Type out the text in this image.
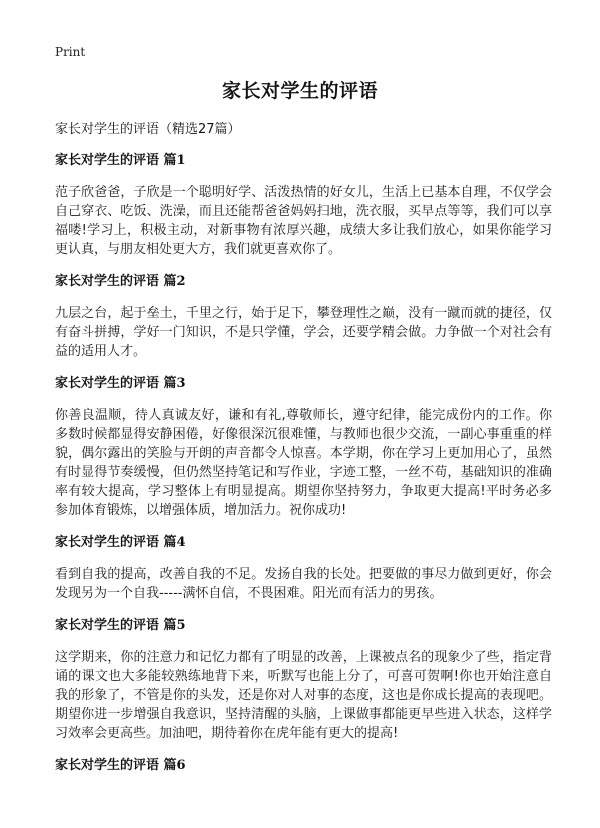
Print
家长对学生的评语

家长对学生的评语（精选27篇）

家长对学生的评语 篇1

范子欣爸爸，子欣是一个聪明好学、活泼热情的好女儿，生活上已基本自理，不仅学会自己穿衣、吃饭、洗澡，而且还能帮爸爸妈妈扫地，洗衣服，买早点等等，我们可以享福喽!学习上，积极主动，对新事物有浓厚兴趣，成绩大多让我们放心，如果你能学习更认真，与朋友相处更大方，我们就更喜欢你了。

家长对学生的评语 篇2

九层之台，起于垒土，千里之行，始于足下，攀登理性之巅，没有一蹴而就的捷径，仅有奋斗拼搏，学好一门知识，不是只学懂，学会，还要学精会做。力争做一个对社会有益的适用人才。

家长对学生的评语 篇3

你善良温顺，待人真诚友好，谦和有礼,尊敬师长，遵守纪律，能完成份内的工作。你多数时候都显得安静困倦，好像很深沉很难懂，与教师也很少交流，一副心事重重的样貌，偶尔露出的笑脸与开朗的声音都令人惊喜。本学期，你在学习上更加用心了，虽然有时显得节奏缓慢，但仍然坚持笔记和写作业，字迹工整，一丝不苟，基础知识的准确率有较大提高，学习整体上有明显提高。期望你坚持努力，争取更大提高!平时务必多参加体育锻炼，以增强体质，增加活力。祝你成功!

家长对学生的评语 篇4

看到自我的提高，改善自我的不足。发扬自我的长处。把要做的事尽力做到更好，你会发现另为一个自我-----满怀自信，不畏困难。阳光而有活力的男孩。

家长对学生的评语 篇5

这学期来，你的注意力和记忆力都有了明显的改善，上课被点名的现象少了些，指定背诵的课文也大多能较熟练地背下来，听默写也能上分了，可喜可贺啊!你也开始注意自我的形象了，不管是你的头发，还是你对人对事的态度，这也是你成长提高的表现吧。期望你进一步增强自我意识，坚持清醒的头脑，上课做事都能更早些进入状态，这样学习效率会更高些。加油吧，期待着你在虎年能有更大的提高!

家长对学生的评语 篇6
